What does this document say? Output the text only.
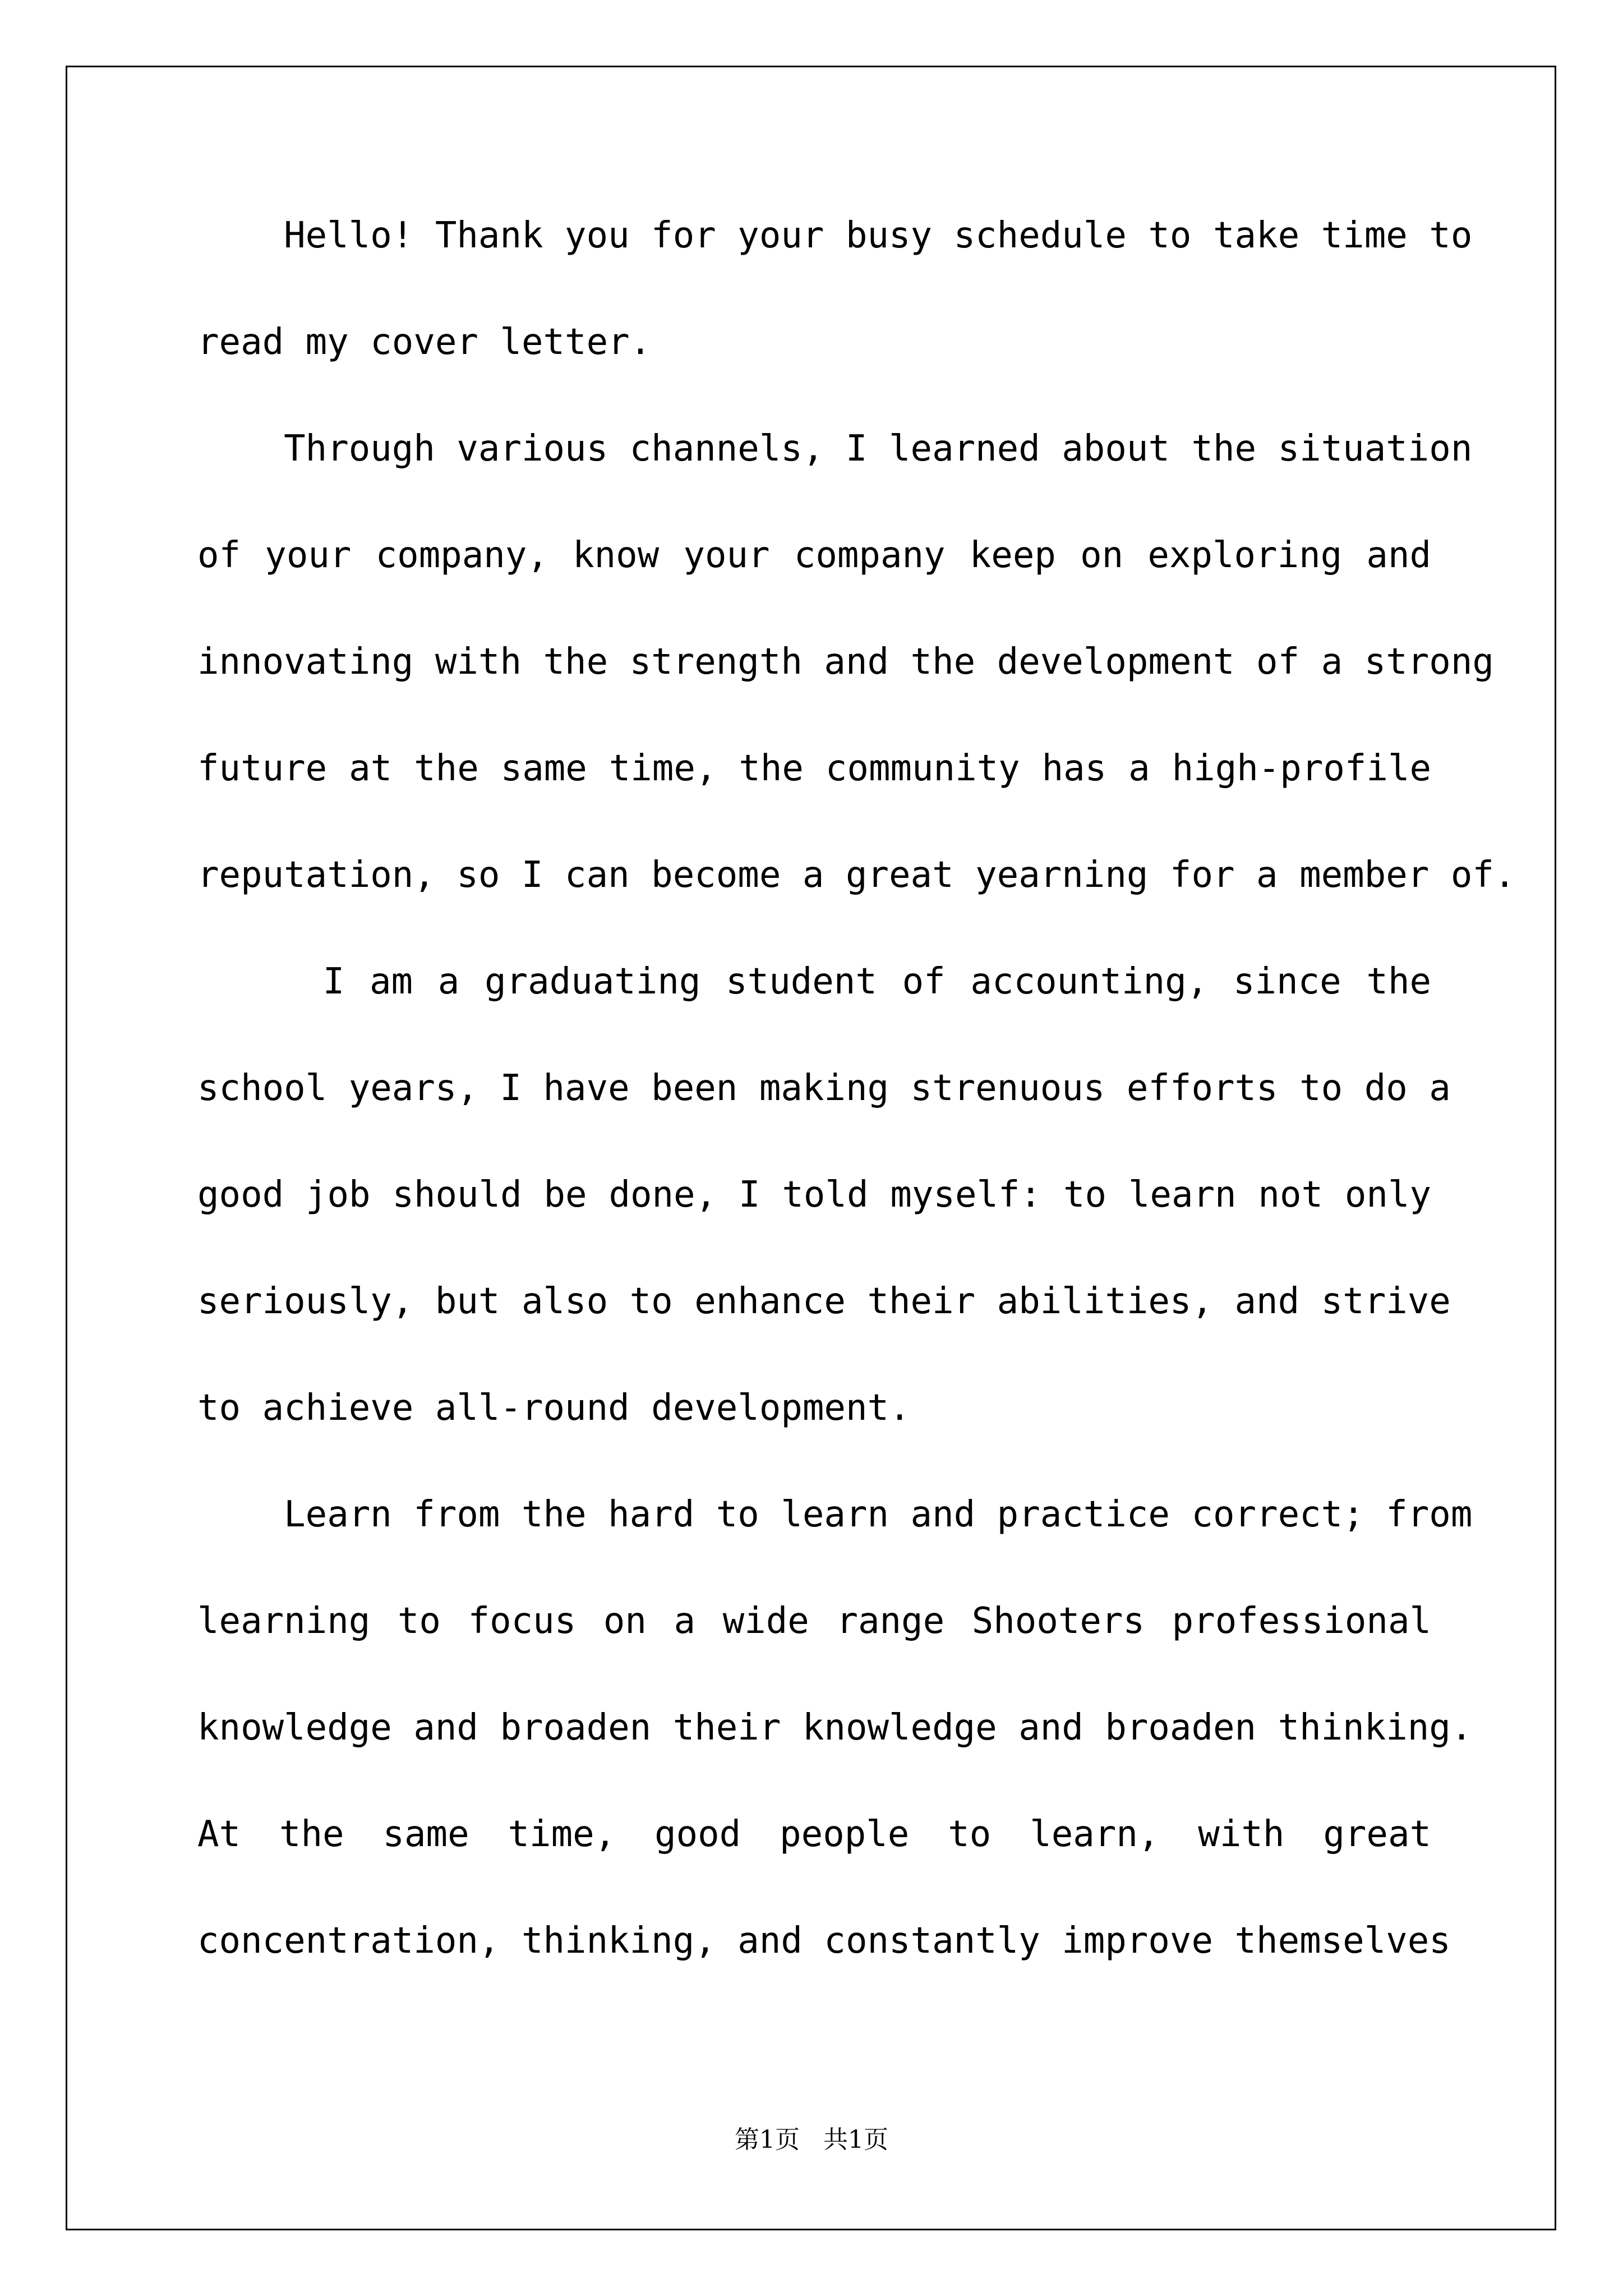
Hello! Thank you for your busy schedule to take time to
read my cover letter.
Through various channels, I learned about the situation
of your company, know your company keep on exploring and
innovating with the strength and the development of a strong
future at the same time, the community has a high-profile
reputation, so I can become a great yearning for a member of.
I am a graduating student of accounting, since the
school years, I have been making strenuous efforts to do a
good job should be done, I told myself: to learn not only
seriously, but also to enhance their abilities, and strive
to achieve all-round development.
Learn from the hard to learn and practice correct; from
learning to focus on a wide range Shooters professional
knowledge and broaden their knowledge and broaden thinking.
At the same time, good people to learn, with great
concentration, thinking, and constantly improve themselves
第1页   共1页
